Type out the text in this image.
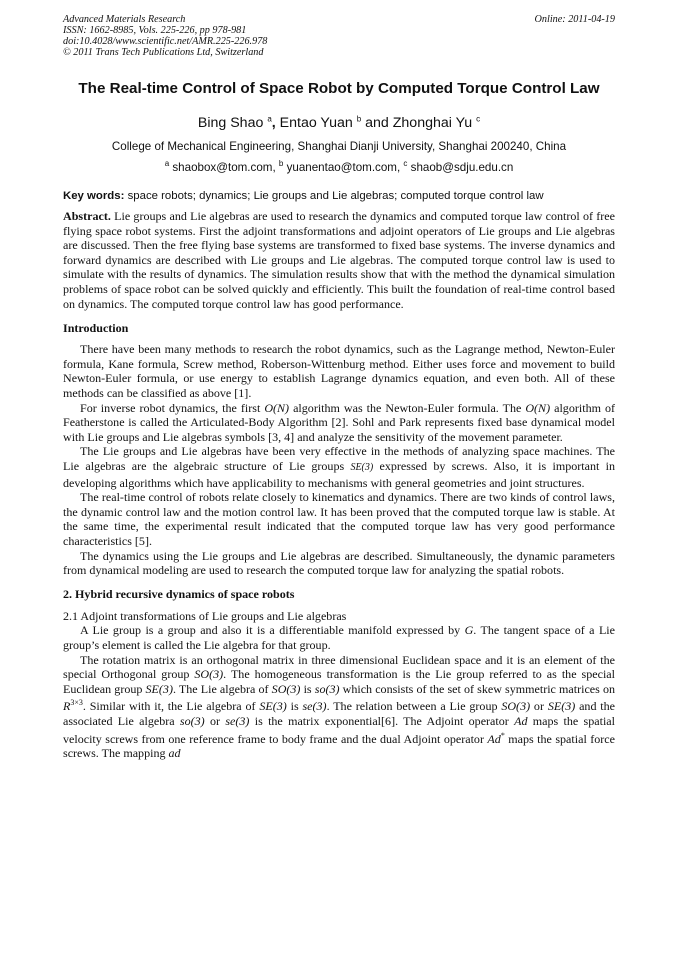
Advanced Materials Research
ISSN: 1662-8985, Vols. 225-226, pp 978-981
doi:10.4028/www.scientific.net/AMR.225-226.978
© 2011 Trans Tech Publications Ltd, Switzerland
Online: 2011-04-19
The Real-time Control of Space Robot by Computed Torque Control Law
Bing Shao $^a$, Entao Yuan $^b$ and Zhonghai Yu $^c$
College of Mechanical Engineering, Shanghai Dianji University, Shanghai 200240, China
$^a$ shaobox@tom.com, $^b$ yuanentao@tom.com, $^c$ shaob@sdju.edu.cn
Key words: space robots; dynamics; Lie groups and Lie algebras; computed torque control law

Abstract. Lie groups and Lie algebras are used to research the dynamics and computed torque law control of free flying space robot systems. First the adjoint transformations and adjoint operators of Lie groups and Lie algebras are discussed. Then the free flying base systems are transformed to fixed base systems. The inverse dynamics and forward dynamics are described with Lie groups and Lie algebras. The computed torque control law is used to simulate with the results of dynamics. The simulation results show that with the method the dynamical simulation problems of space robot can be solved quickly and efficiently. This built the foundation of real-time control based on dynamics. The computed torque control law has good performance.

Introduction

There have been many methods to research the robot dynamics, such as the Lagrange method, Newton-Euler formula, Kane formula, Screw method, Roberson-Wittenburg method. Either uses force and movement to build Newton-Euler formula, or use energy to establish Lagrange dynamics equation, and even both. All of these methods can be classified as above [1].

For inverse robot dynamics, the first O(N) algorithm was the Newton-Euler formula. The O(N) algorithm of Featherstone is called the Articulated-Body Algorithm [2]. Sohl and Park represents fixed base dynamical model with Lie groups and Lie algebras symbols [3, 4] and analyze the sensitivity of the movement parameter.

The Lie groups and Lie algebras have been very effective in the methods of analyzing space machines. The Lie algebras are the algebraic structure of Lie groups SE(3) expressed by screws. Also, it is important in developing algorithms which have applicability to mechanisms with general geometries and joint structures.

The real-time control of robots relate closely to kinematics and dynamics. There are two kinds of control laws, the dynamic control law and the motion control law. It has been proved that the computed torque law is stable. At the same time, the experimental result indicated that the computed torque law has very good performance characteristics [5].

The dynamics using the Lie groups and Lie algebras are described. Simultaneously, the dynamic parameters from dynamical modeling are used to research the computed torque law for analyzing the spatial robots.

2. Hybrid recursive dynamics of space robots

2.1 Adjoint transformations of Lie groups and Lie algebras

A Lie group is a group and also it is a differentiable manifold expressed by G. The tangent space of a Lie group’s element is called the Lie algebra for that group.

The rotation matrix is an orthogonal matrix in three dimensional Euclidean space and it is an element of the special Orthogonal group SO(3). The homogeneous transformation is the Lie group referred to as the special Euclidean group SE(3). The Lie algebra of SO(3) is so(3) which consists of the set of skew symmetric matrices on $R^{3\times 3}$. Similar with it, the Lie algebra of SE(3) is se(3). The relation between a Lie group SO(3) or SE(3) and the associated Lie algebra so(3) or se(3) is the matrix exponential[6]. The Adjoint operator Ad maps the spatial velocity screws from one reference frame to body frame and the dual Adjoint operator Ad* maps the spatial force screws. The mapping ad
